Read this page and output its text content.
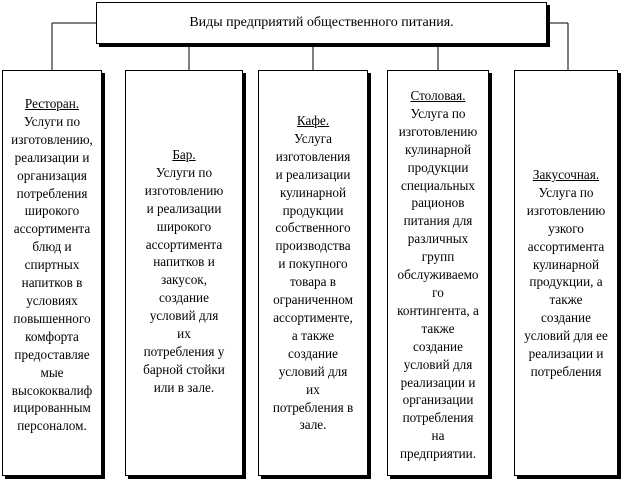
Виды предприятий общественного питания.
Ресторан.
Услуги по
изготовлению,
реализации и
организация
потребления
широкого
ассортимента
блюд и
спиртных
напитков в
условиях
повышенного
комфорта
предоставляе
мые
высококвалиф
ицированным
персоналом.
Бар.
Услуги по
изготовлению
и реализации
широкого
ассортимента
напитков и
закусок,
создание
условий для
их
потребления у
барной стойки
или в зале.
Кафе.
Услуга
изготовления
и реализации
кулинарной
продукции
собственного
производства
и покупного
товара в
ограниченном
ассортименте,
а также
создание
условий для
их
потребления в
зале.
Столовая.
Услуга по
изготовлению
кулинарной
продукции
специальных
рационов
питания для
различных
групп
обслуживаемо
го
контингента, а
также
создание
условий для
реализации и
организации
потребления
на
предприятии.
Закусочная.
Услуга по
изготовлению
узкого
ассортимента
кулинарной
продукции, а
также
создание
условий для ее
реализации и
потребления
